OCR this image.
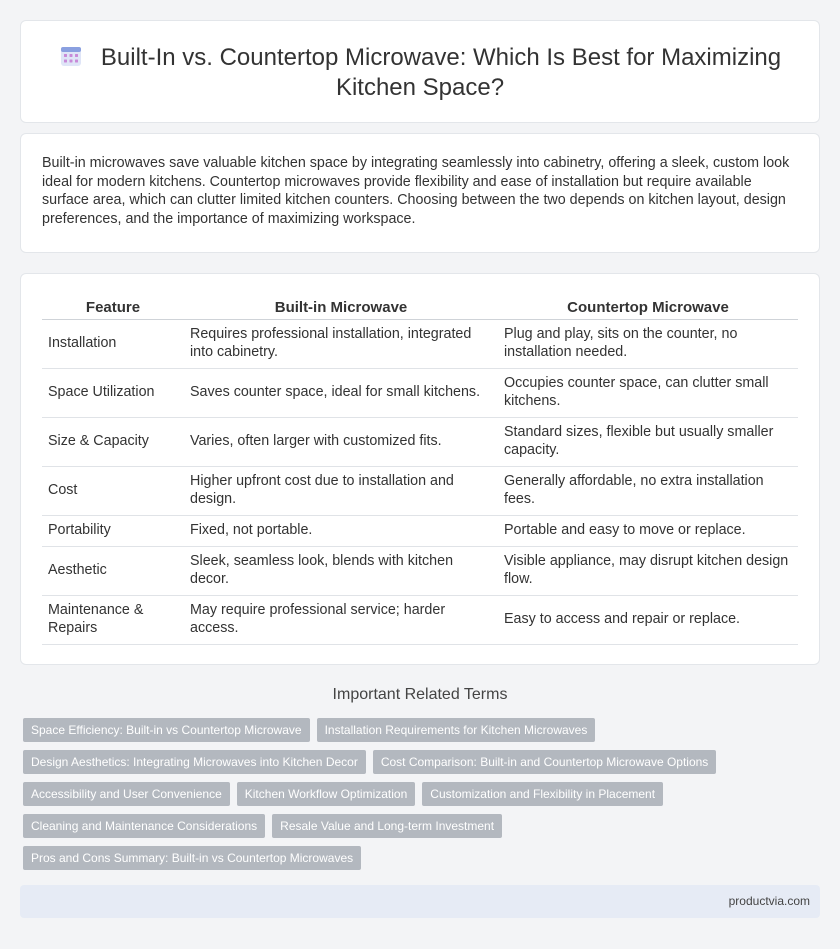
Built-In vs. Countertop Microwave: Which Is Best for Maximizing Kitchen Space?

Built-in microwaves save valuable kitchen space by integrating seamlessly into cabinetry, offering a sleek, custom look ideal for modern kitchens. Countertop microwaves provide flexibility and ease of installation but require available surface area, which can clutter limited kitchen counters. Choosing between the two depends on kitchen layout, design preferences, and the importance of maximizing workspace.

Feature	Built-in Microwave	Countertop Microwave
Installation	Requires professional installation, integrated into cabinetry.	Plug and play, sits on the counter, no installation needed.
Space Utilization	Saves counter space, ideal for small kitchens.	Occupies counter space, can clutter small kitchens.
Size & Capacity	Varies, often larger with customized fits.	Standard sizes, flexible but usually smaller capacity.
Cost	Higher upfront cost due to installation and design.	Generally affordable, no extra installation fees.
Portability	Fixed, not portable.	Portable and easy to move or replace.
Aesthetic	Sleek, seamless look, blends with kitchen decor.	Visible appliance, may disrupt kitchen design flow.
Maintenance & Repairs	May require professional service; harder access.	Easy to access and repair or replace.
Important Related Terms
Space Efficiency: Built-in vs Countertop Microwave	Installation Requirements for Kitchen Microwaves
Design Aesthetics: Integrating Microwaves into Kitchen Decor	Cost Comparison: Built-in and Countertop Microwave Options
Accessibility and User Convenience	Kitchen Workflow Optimization	Customization and Flexibility in Placement
Cleaning and Maintenance Considerations	Resale Value and Long-term Investment
Pros and Cons Summary: Built-in vs Countertop Microwaves
productvia.com
